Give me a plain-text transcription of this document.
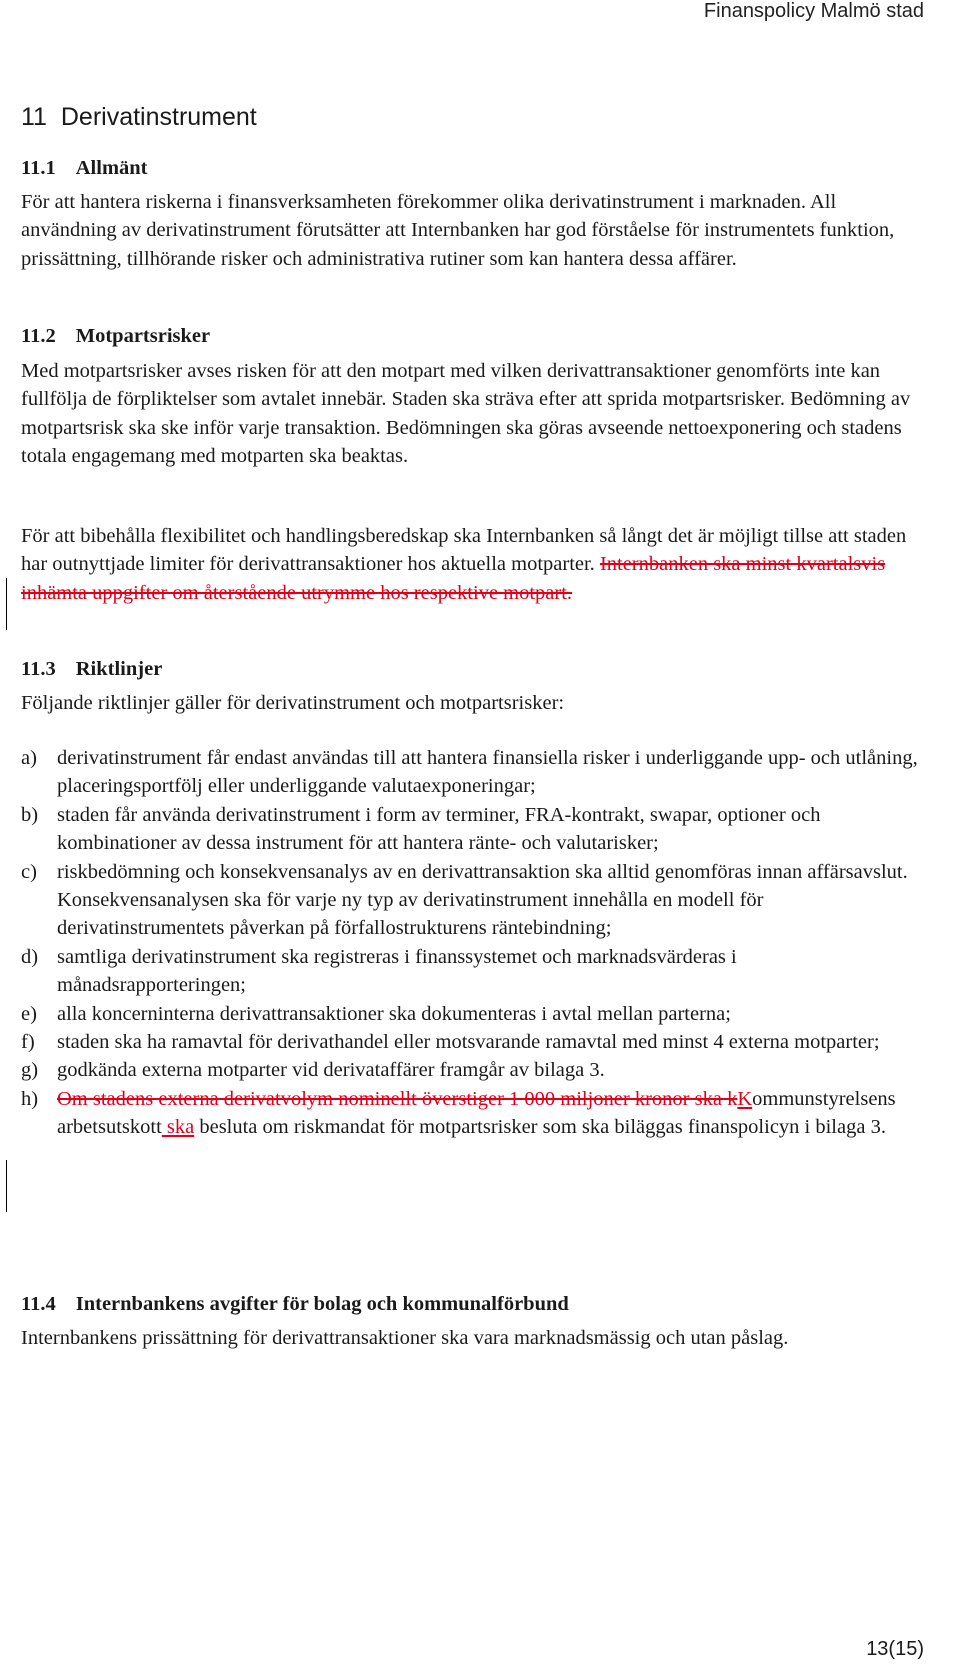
Finanspolicy Malmö stad
11 Derivatinstrument
11.1 Allmänt
För att hantera riskerna i finansverksamheten förekommer olika derivatinstrument i marknaden. All användning av derivatinstrument förutsätter att Internbanken har god förståelse för instrumentets funktion, prissättning, tillhörande risker och administrativa rutiner som kan hantera dessa affärer.
11.2 Motpartsrisker
Med motpartsrisker avses risken för att den motpart med vilken derivattransaktioner genomförts inte kan fullfölja de förpliktelser som avtalet innebär. Staden ska sträva efter att sprida motpartsrisker. Bedömning av motpartsrisk ska ske inför varje transaktion. Bedömningen ska göras avseende nettoexponering och stadens totala engagemang med motparten ska beaktas.
För att bibehålla flexibilitet och handlingsberedskap ska Internbanken så långt det är möjligt tillse att staden har outnyttjade limiter för derivattransaktioner hos aktuella motparter. Internbanken ska minst kvartalsvis inhämta uppgifter om återstående utrymme hos respektive motpart.
11.3 Riktlinjer
Följande riktlinjer gäller för derivatinstrument och motpartsrisker:
a) derivatinstrument får endast användas till att hantera finansiella risker i underliggande upp- och utlåning, placeringsportfölj eller underliggande valutaexponeringar;
b) staden får använda derivatinstrument i form av terminer, FRA-kontrakt, swapar, optioner och kombinationer av dessa instrument för att hantera ränte- och valutarisker;
c) riskbedömning och konsekvensanalys av en derivattransaktion ska alltid genomföras innan affärsavslut. Konsekvensanalysen ska för varje ny typ av derivatinstrument innehålla en modell för derivatinstrumentets påverkan på förfallostrukturens räntebindning;
d) samtliga derivatinstrument ska registreras i finanssystemet och marknadsvärderas i månadsrapporteringen;
e) alla koncerninterna derivattransaktioner ska dokumenteras i avtal mellan parterna;
f) staden ska ha ramavtal för derivathandel eller motsvarande ramavtal med minst 4 externa motparter;
g) godkända externa motparter vid derivataffärer framgår av bilaga 3.
h) Om stadens externa derivatvolym nominellt överstiger 1 000 miljoner kronor ska kKommunstyrelsens arbetsutskott ska besluta om riskmandat för motpartsrisker som ska biläggas finanspolicyn i bilaga 3.
11.4 Internbankens avgifter för bolag och kommunalförbund
Internbankens prissättning för derivattransaktioner ska vara marknadsmässig och utan påslag.
13(15)
